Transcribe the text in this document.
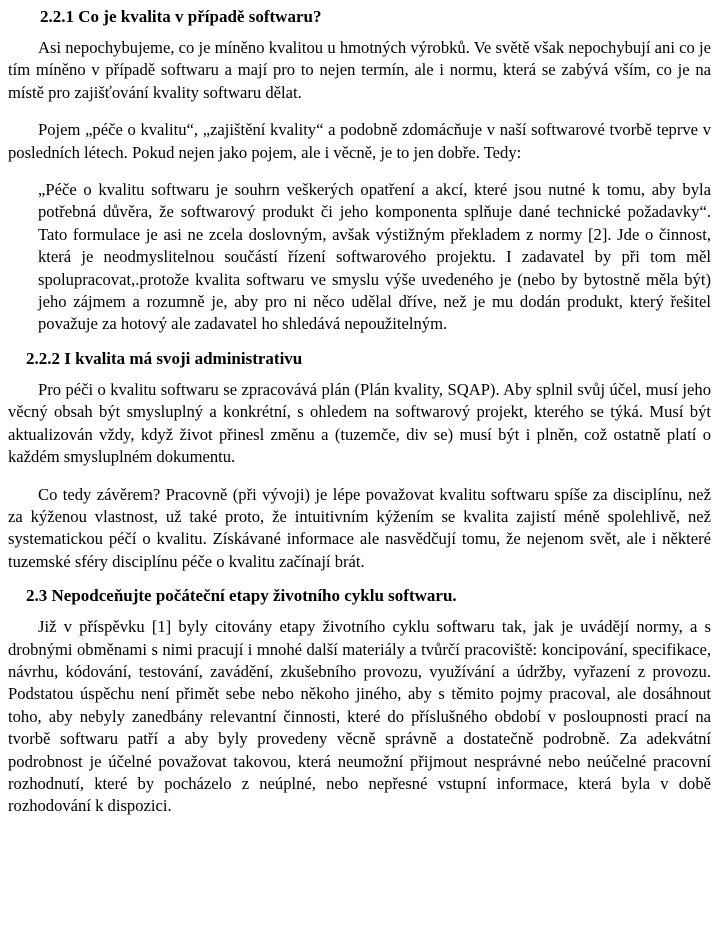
2.2.1 Co je kvalita v případě softwaru?

Asi nepochybujeme, co je míněno kvalitou u hmotných výrobků. Ve světě však nepochybují ani co je tím míněno v případě softwaru a mají pro to nejen termín, ale i normu, která se zabývá vším, co je na místě pro zajišťování kvality softwaru dělat.

Pojem „péče o kvalitu“, „zajištění kvality“ a podobně zdomácňuje v naší softwarové tvorbě teprve v posledních létech. Pokud nejen jako pojem, ale i věcně, je to jen dobře. Tedy:

„Péče o kvalitu softwaru je souhrn veškerých opatření a akcí, které jsou nutné k tomu, aby byla potřebná důvěra, že softwarový produkt či jeho komponenta splňuje dané technické požadavky“. Tato formulace je asi ne zcela doslovným, avšak výstižným překladem z normy [2]. Jde o činnost, která je neodmyslitelnou součástí řízení softwarového projektu. I zadavatel by při tom měl spolupracovat,.protože kvalita softwaru ve smyslu výše uvedeného je (nebo by bytostně měla být) jeho zájmem a rozumně je, aby pro ni něco udělal dříve, než je mu dodán produkt, který řešitel považuje za hotový ale zadavatel ho shledává nepoužitelným.

2.2.2 I kvalita má svoji administrativu

Pro péči o kvalitu softwaru se zpracovává plán (Plán kvality, SQAP). Aby splnil svůj účel, musí jeho věcný obsah být smysluplný a konkrétní, s ohledem na softwarový projekt, kterého se týká. Musí být aktualizován vždy, když život přinesl změnu a (tuzemče, div se) musí být i plněn, což ostatně platí o každém smysluplném dokumentu.

Co tedy závěrem? Pracovně (při vývoji) je lépe považovat kvalitu softwaru spíše za disciplínu, než za kýženou vlastnost, už také proto, že intuitivním kýžením se kvalita zajistí méně spolehlivě, než systematickou péčí o kvalitu. Získávané informace ale nasvědčují tomu, že nejenom svět, ale i některé tuzemské sféry disciplínu péče o kvalitu začínají brát.

2.3 Nepodceňujte počáteční etapy životního cyklu softwaru.

Již v příspěvku [1] byly citovány etapy životního cyklu softwaru tak, jak je uvádějí normy, a s drobnými obměnami s nimi pracují i mnohé další materiály a tvůrčí pracoviště: koncipování, specifikace, návrhu, kódování, testování, zavádění, zkušebního provozu, využívání a údržby, vyřazení z provozu. Podstatou úspěchu není přimět sebe nebo někoho jiného, aby s těmito pojmy pracoval, ale dosáhnout toho, aby nebyly zanedbány relevantní činnosti, které do příslušného období v posloupnosti prací na tvorbě softwaru patří a aby byly provedeny věcně správně a dostatečně podrobně. Za adekvátní podrobnost je účelné považovat takovou, která neumožní přijmout nesprávné nebo neúčelné pracovní rozhodnutí, které by pocházelo z neúplné, nebo nepřesné vstupní informace, která byla v době rozhodování k dispozici.
